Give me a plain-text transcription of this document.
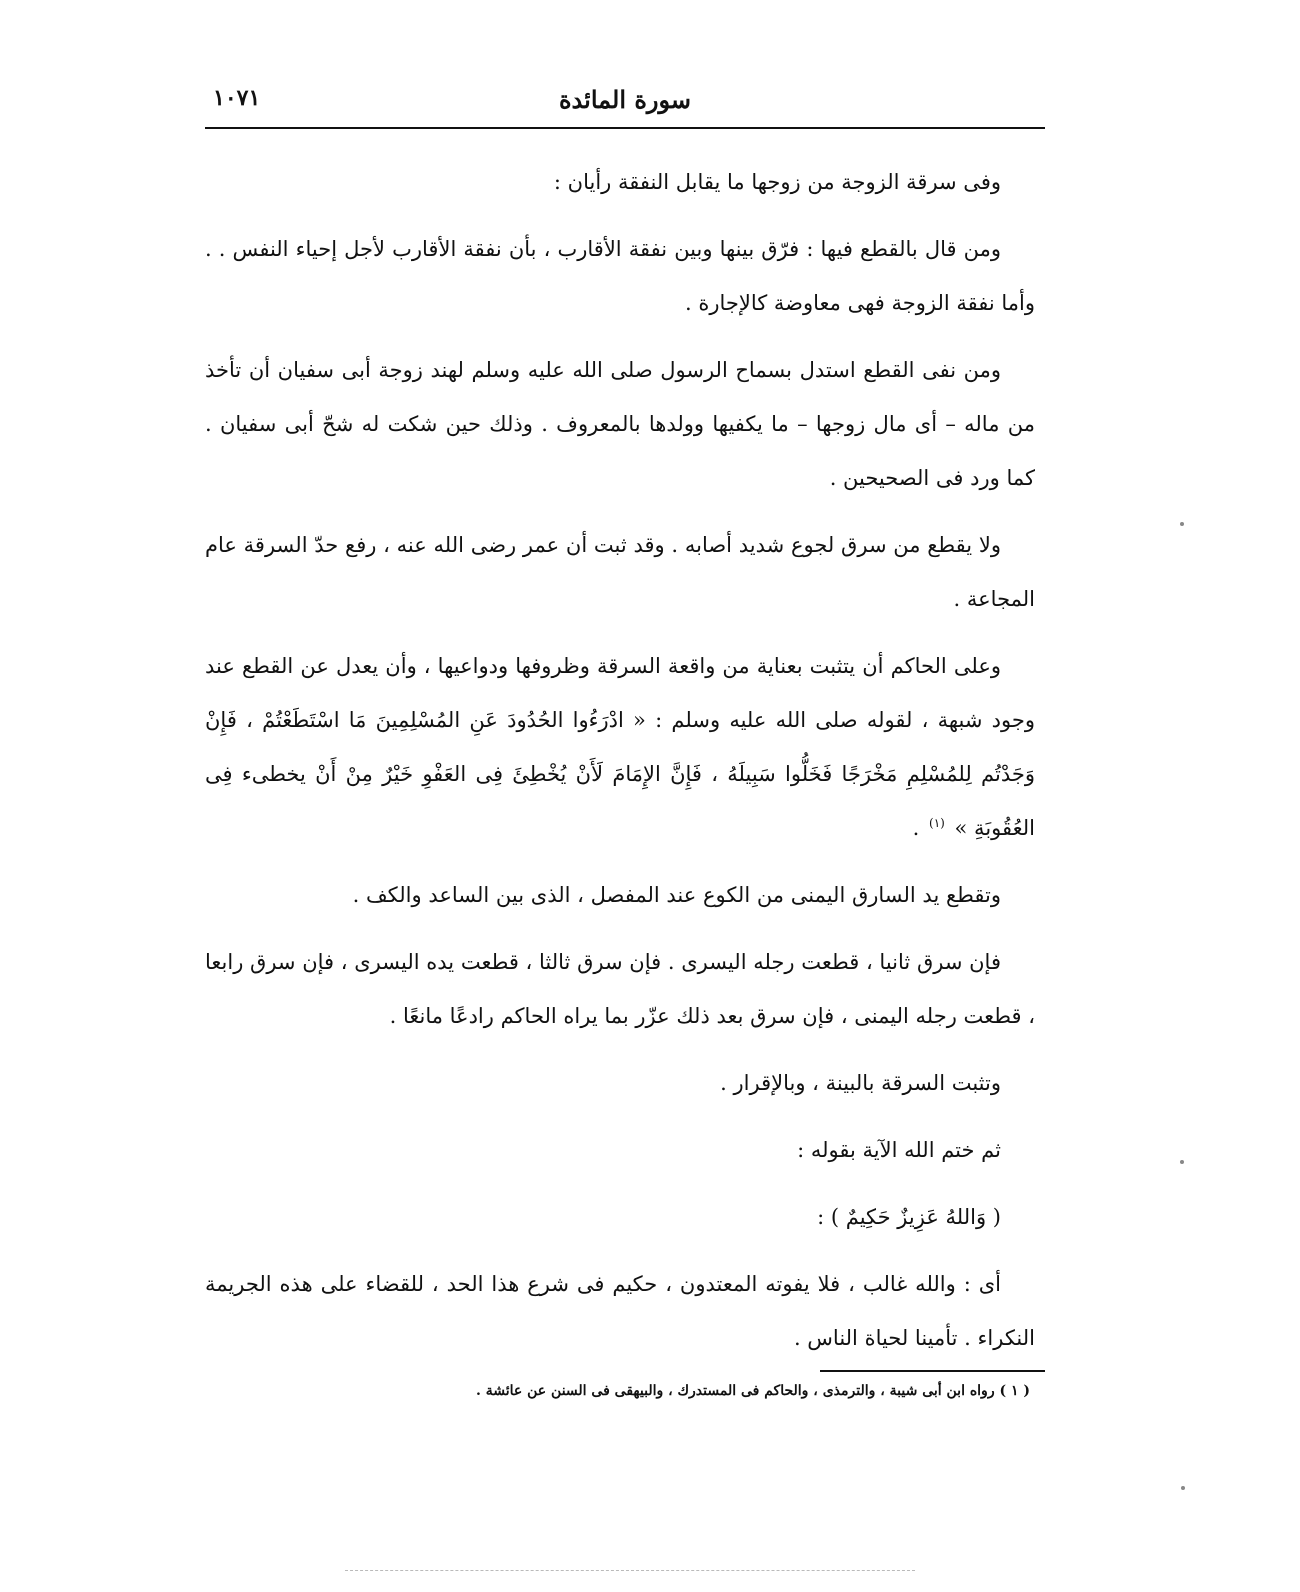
سورة المائدة
١٠٧١

وفى سرقة الزوجة من زوجها ما يقابل النفقة رأيان :

ومن قال بالقطع فيها : فرّق بينها وبين نفقة الأقارب ، بأن نفقة الأقارب لأجل إحياء النفس . . وأما نفقة الزوجة فهى معاوضة كالإجارة .

ومن نفى القطع استدل بسماح الرسول صلى الله عليه وسلم لهند زوجة أبى سفيان أن تأخذ من ماله – أى مال زوجها – ما يكفيها وولدها بالمعروف . وذلك حين شكت له شحّ أبى سفيان . كما ورد فى الصحيحين .

ولا يقطع من سرق لجوع شديد أصابه . وقد ثبت أن عمر رضى الله عنه ، رفع حدّ السرقة عام المجاعة .

وعلى الحاكم أن يتثبت بعناية من واقعة السرقة وظروفها ودواعيها ، وأن يعدل عن القطع عند وجود شبهة ، لقوله صلى الله عليه وسلم : « ادْرَءُوا الحُدُودَ عَنِ المُسْلِمِينَ مَا اسْتَطَعْتُمْ ، فَإِنْ وَجَدْتُم لِلمُسْلِمِ مَخْرَجًا فَخَلُّوا سَبِيلَهُ ، فَإِنَّ الإِمَامَ لَأَنْ يُخْطِئَ فِى العَفْوِ خَيْرٌ مِنْ أَنْ يخطىء فِى العُقُوبَةِ » $^{(١)}$ .

وتقطع يد السارق اليمنى من الكوع عند المفصل ، الذى بين الساعد والكف .

فإن سرق ثانيا ، قطعت رجله اليسرى . فإن سرق ثالثا ، قطعت يده اليسرى ، فإن سرق رابعا ، قطعت رجله اليمنى ، فإن سرق بعد ذلك عزّر بما يراه الحاكم رادعًا مانعًا .

وتثبت السرقة بالبينة ، وبالإقرار .

ثم ختم الله الآية بقوله :

( وَاللهُ عَزِيزٌ حَكِيمٌ ) :

أى : والله غالب ، فلا يفوته المعتدون ، حكيم فى شرع هذا الحد ، للقضاء على هذه الجريمة النكراء . تأمينا لحياة الناس .

( ١ ) رواه ابن أبى شيبة ، والترمذى ، والحاكم فى المستدرك ، والبيهقى فى السنن عن عائشة .
